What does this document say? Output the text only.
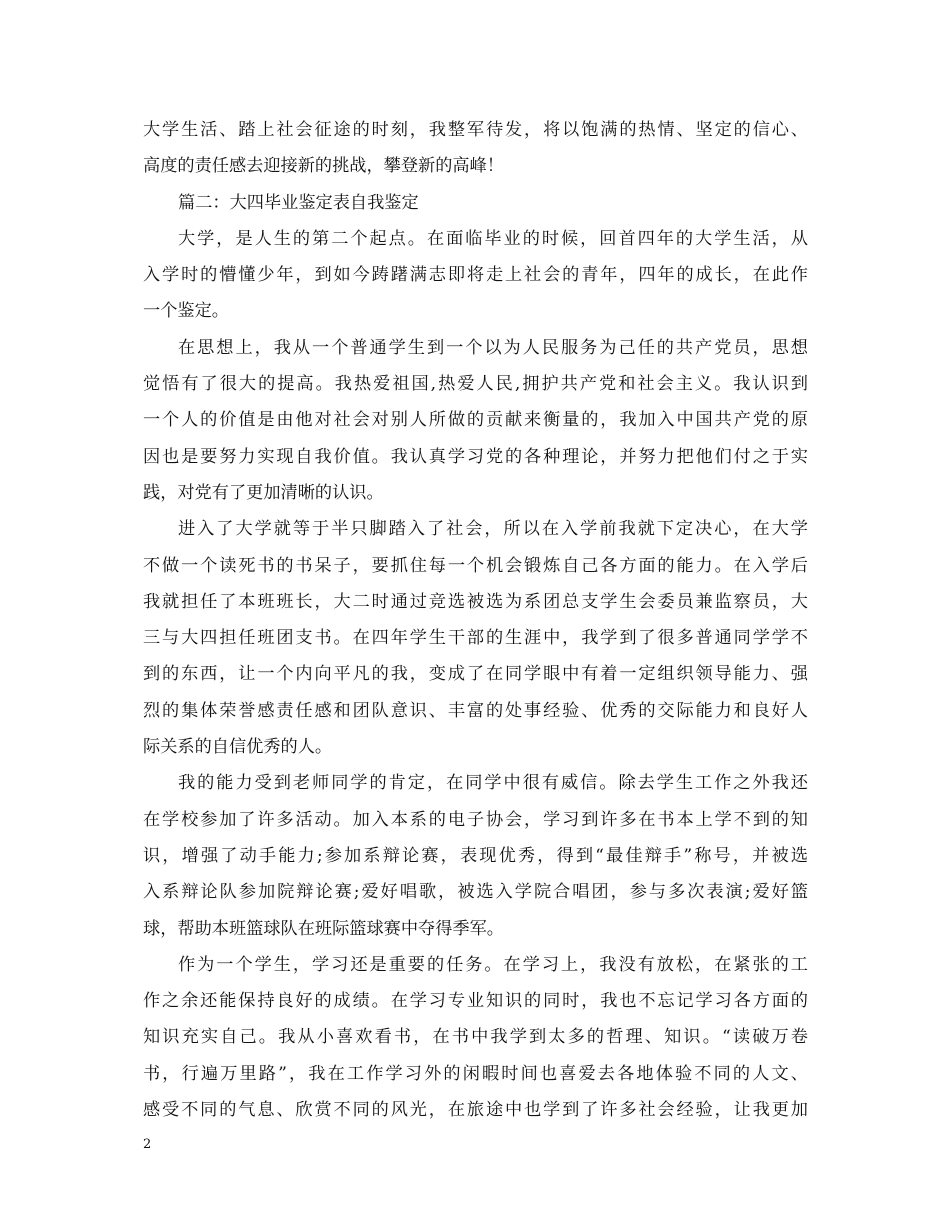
大学生活、踏上社会征途的时刻，我整军待发，将以饱满的热情、坚定的信心、
高度的责任感去迎接新的挑战，攀登新的高峰！
篇二：大四毕业鉴定表自我鉴定
大学，是人生的第二个起点。在面临毕业的时候，回首四年的大学生活，从
入学时的懵懂少年，到如今踌躇满志即将走上社会的青年，四年的成长，在此作
一个鉴定。
在思想上，我从一个普通学生到一个以为人民服务为己任的共产党员，思想
觉悟有了很大的提高。我热爱祖国,热爱人民,拥护共产党和社会主义。我认识到
一个人的价值是由他对社会对别人所做的贡献来衡量的，我加入中国共产党的原
因也是要努力实现自我价值。我认真学习党的各种理论，并努力把他们付之于实
践，对党有了更加清晰的认识。
进入了大学就等于半只脚踏入了社会，所以在入学前我就下定决心，在大学
不做一个读死书的书呆子，要抓住每一个机会锻炼自己各方面的能力。在入学后
我就担任了本班班长，大二时通过竞选被选为系团总支学生会委员兼监察员，大
三与大四担任班团支书。在四年学生干部的生涯中，我学到了很多普通同学学不
到的东西，让一个内向平凡的我，变成了在同学眼中有着一定组织领导能力、强
烈的集体荣誉感责任感和团队意识、丰富的处事经验、优秀的交际能力和良好人
际关系的自信优秀的人。
我的能力受到老师同学的肯定，在同学中很有威信。除去学生工作之外我还
在学校参加了许多活动。加入本系的电子协会，学习到许多在书本上学不到的知
识，增强了动手能力;参加系辩论赛，表现优秀，得到“最佳辩手”称号，并被选
入系辩论队参加院辩论赛;爱好唱歌，被选入学院合唱团，参与多次表演;爱好篮
球，帮助本班篮球队在班际篮球赛中夺得季军。
作为一个学生，学习还是重要的任务。在学习上，我没有放松，在紧张的工
作之余还能保持良好的成绩。在学习专业知识的同时，我也不忘记学习各方面的
知识充实自己。我从小喜欢看书，在书中我学到太多的哲理、知识。“读破万卷
书，行遍万里路”，我在工作学习外的闲暇时间也喜爱去各地体验不同的人文、
感受不同的气息、欣赏不同的风光，在旅途中也学到了许多社会经验，让我更加
2
